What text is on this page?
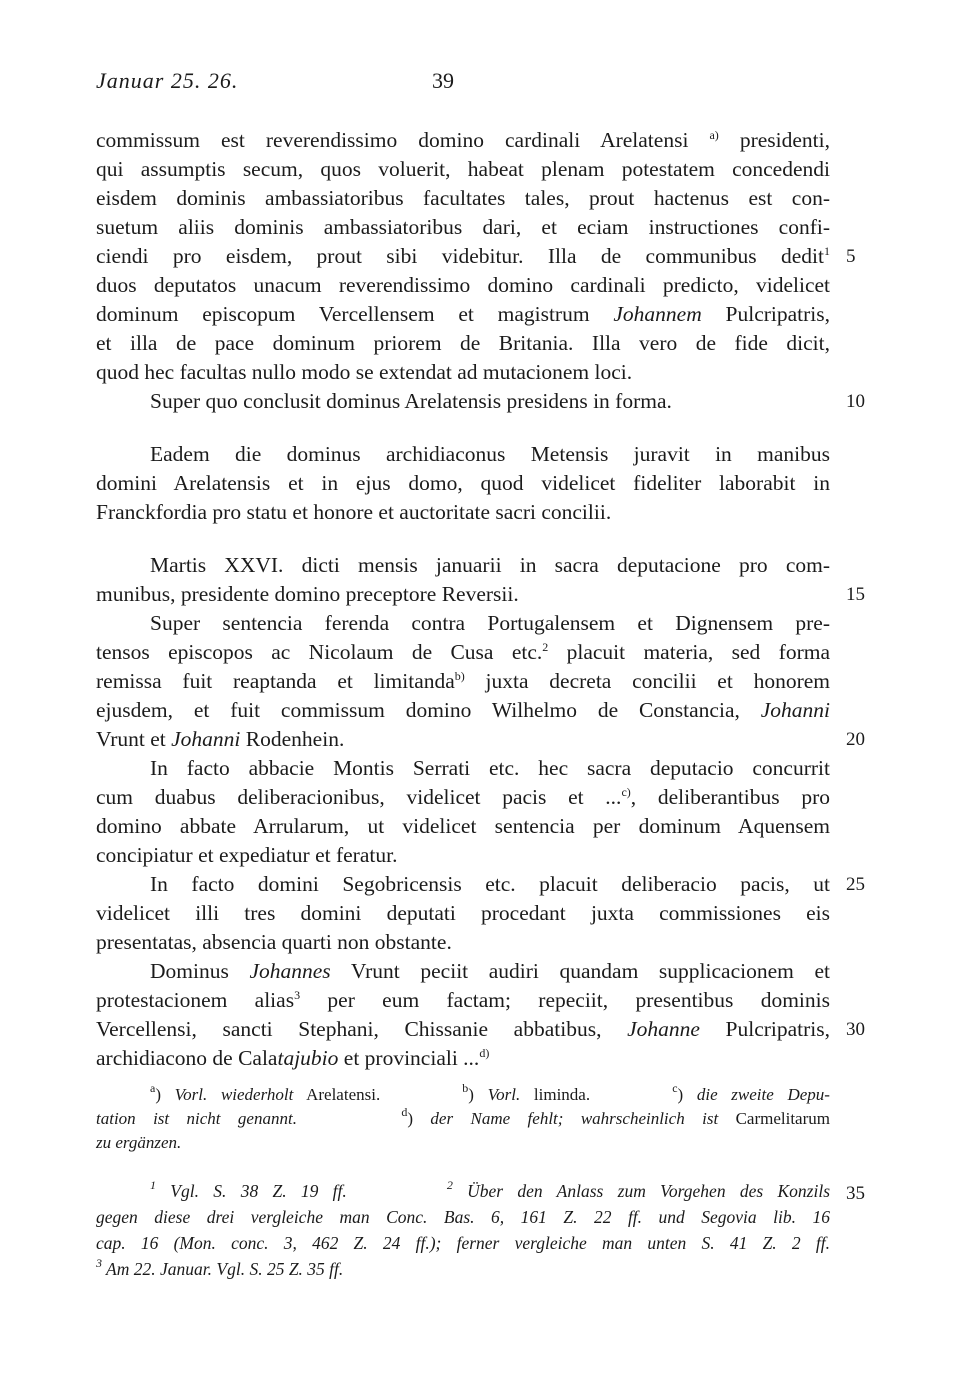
Januar 25. 26.	39
commissum est reverendissimo domino cardinali Arelatensi $^{a)}$ presidenti,
qui assumptis secum, quos voluerit, habeat plenam potestatem concedendi
eisdem dominis ambassiatoribus facultates tales, prout hactenus est con-
suetum aliis dominis ambassiatoribus dari, et eciam instructiones confi-
ciendi pro eisdem, prout sibi videbitur. Illa de communibus dedit$^1$
duos deputatos unacum reverendissimo domino cardinali predicto, videlicet
dominum episcopum Vercellensem et magistrum Johannem Pulcripatris,
et illa de pace dominum priorem de Britania. Illa vero de fide dicit,
quod hec facultas nullo modo se extendat ad mutacionem loci.
Super quo conclusit dominus Arelatensis presidens in forma.
Eadem die dominus archidiaconus Metensis juravit in manibus
domini Arelatensis et in ejus domo, quod videlicet fideliter laborabit in
Franckfordia pro statu et honore et auctoritate sacri concilii.
Martis XXVI. dicti mensis januarii in sacra deputacione pro com-
munibus, presidente domino preceptore Reversii.
Super sentencia ferenda contra Portugalensem et Dignensem pre-
tensos episcopos ac Nicolaum de Cusa etc.$^2$ placuit materia, sed forma
remissa fuit reaptanda et limitanda$^{b)}$ juxta decreta concilii et honorem
ejusdem, et fuit commissum domino Wilhelmo de Constancia, Johanni
Vrunt et Johanni Rodenhein.
In facto abbacie Montis Serrati etc. hec sacra deputacio concurrit
cum duabus deliberacionibus, videlicet pacis et ...$^{c)}$, deliberantibus pro
domino abbate Arrularum, ut videlicet sentencia per dominum Aquensem
concipiatur et expediatur et feratur.
In facto domini Segobricensis etc. placuit deliberacio pacis, ut
videlicet illi tres domini deputati procedant juxta commissiones eis
presentatas, absencia quarti non obstante.
Dominus Johannes Vrunt peciit audiri quandam supplicacionem et
protestacionem alias$^3$ per eum factam; repeciit, presentibus dominis
Vercellensi, sancti Stephani, Chissanie abbatibus, Johanne Pulcripatris,
archidiacono de Calatajubio et provinciali ...$^{d)}$
5
10
15
20
25
30
35
$^a$) Vorl. wiederholt Arelatensi.      $^b$) Vorl. liminda.      $^c$) die zweite Depu-
tation ist nicht genannt.	$^d$) der Name fehlt; wahrscheinlich ist Carmelitarum
zu ergänzen.
$^1$ Vgl. S. 38 Z. 19 ff.       $^2$ Über den Anlass zum Vorgehen des Konzils
gegen diese drei vergleiche man Conc. Bas. 6, 161 Z. 22 ff. und Segovia lib. 16
cap. 16 (Mon. conc. 3, 462 Z. 24 ff.); ferner vergleiche man unten S. 41 Z. 2 ff.
$^3$ Am 22. Januar. Vgl. S. 25 Z. 35 ff.
